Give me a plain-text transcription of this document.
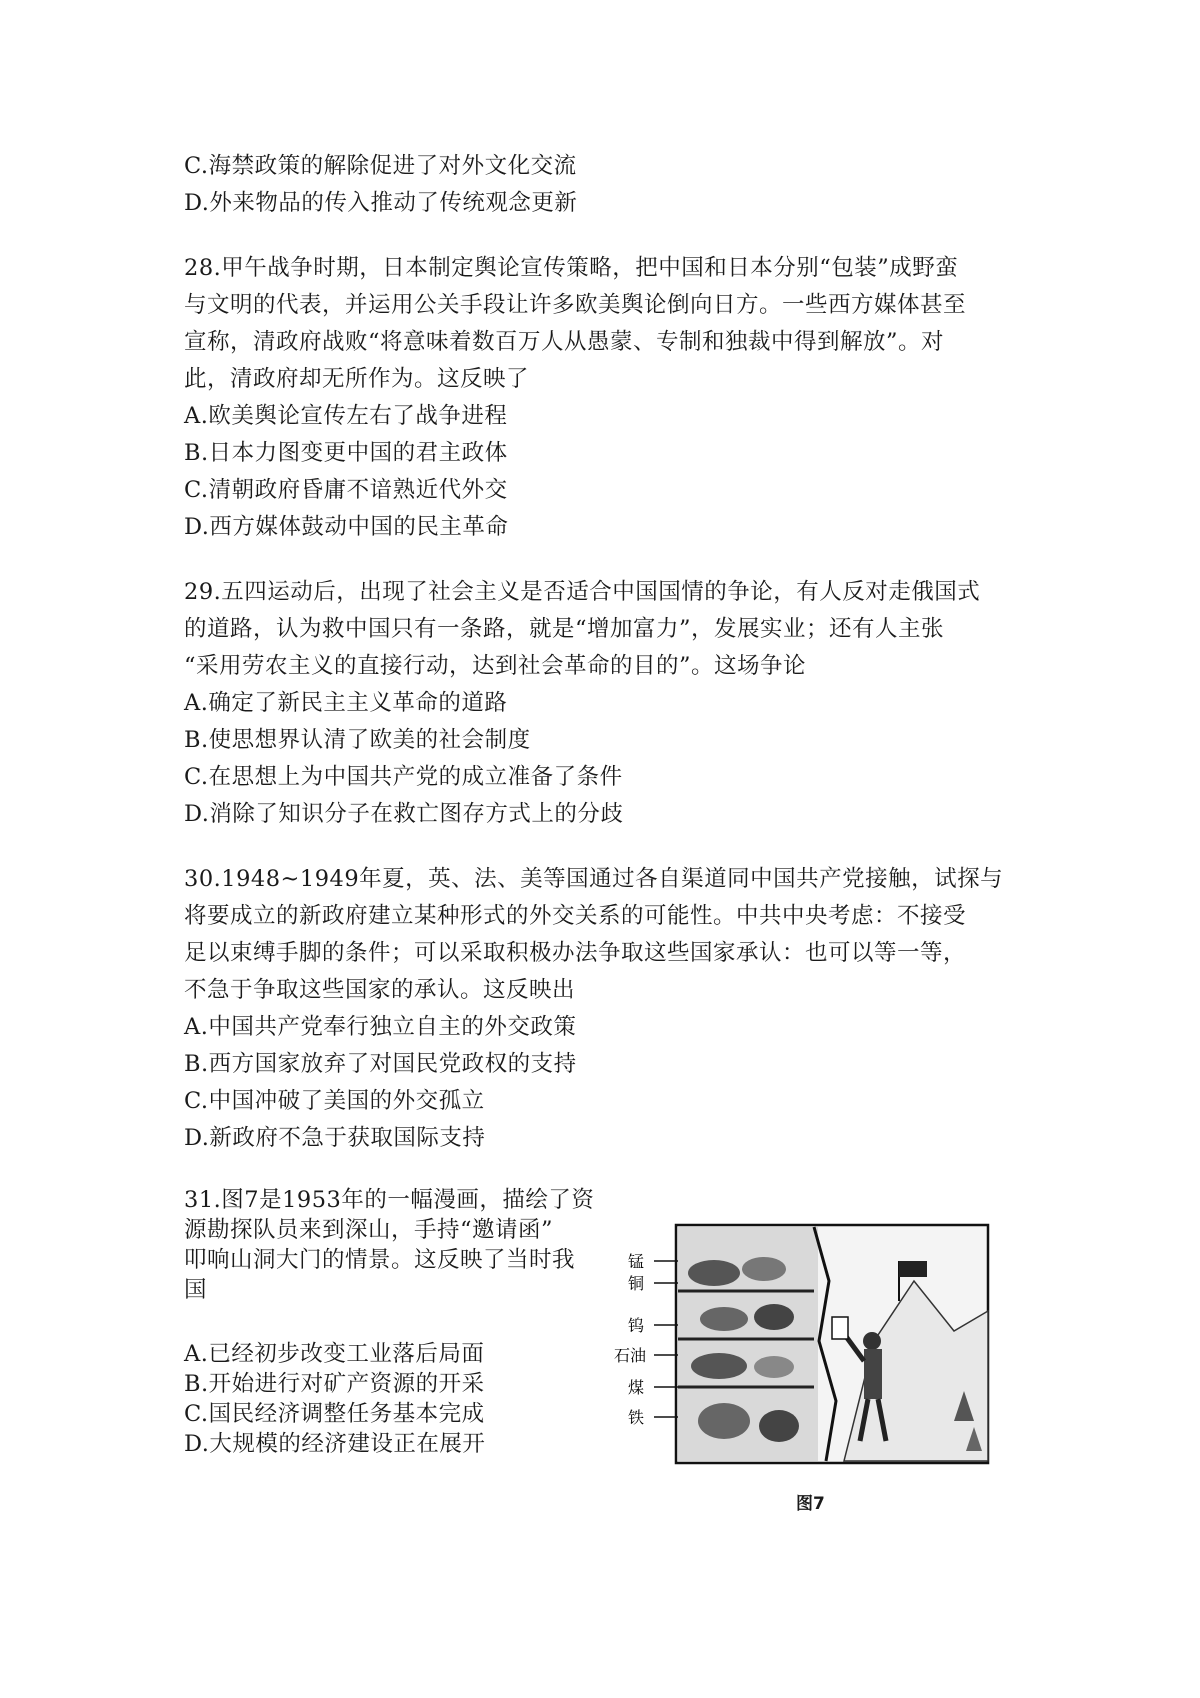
C.海禁政策的解除促进了对外文化交流
D.外来物品的传入推动了传统观念更新
28.甲午战争时期，日本制定舆论宣传策略，把中国和日本分别“包装”成野蛮
与文明的代表，并运用公关手段让许多欧美舆论倒向日方。一些西方媒体甚至
宣称，清政府战败“将意味着数百万人从愚蒙、专制和独裁中得到解放”。对
此，清政府却无所作为。这反映了
A.欧美舆论宣传左右了战争进程
B.日本力图变更中国的君主政体
C.清朝政府昏庸不谙熟近代外交
D.西方媒体鼓动中国的民主革命
29.五四运动后，出现了社会主义是否适合中国国情的争论，有人反对走俄国式
的道路，认为救中国只有一条路，就是“增加富力”，发展实业；还有人主张
“采用劳农主义的直接行动，达到社会革命的目的”。这场争论
A.确定了新民主主义革命的道路
B.使思想界认清了欧美的社会制度
C.在思想上为中国共产党的成立准备了条件
D.消除了知识分子在救亡图存方式上的分歧
30.1948~1949年夏，英、法、美等国通过各自渠道同中国共产党接触，试探与
将要成立的新政府建立某种形式的外交关系的可能性。中共中央考虑：不接受
足以束缚手脚的条件；可以采取积极办法争取这些国家承认：也可以等一等，
不急于争取这些国家的承认。这反映出
A.中国共产党奉行独立自主的外交政策
B.西方国家放弃了对国民党政权的支持
C.中国冲破了美国的外交孤立
D.新政府不急于获取国际支持
31.图7是1953年的一幅漫画，描绘了资
源勘探队员来到深山，手持“邀请函”
叩响山洞大门的情景。这反映了当时我
国
A.已经初步改变工业落后局面
B.开始进行对矿产资源的开采
C.国民经济调整任务基本完成
D.大规模的经济建设正在展开
锰
铜
钨
石油
煤
铁
图7
